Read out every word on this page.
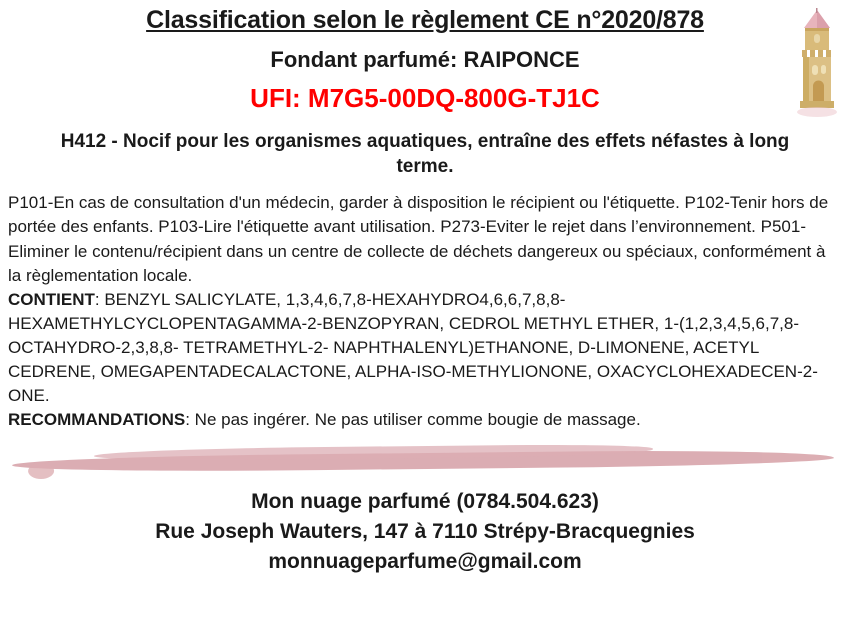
Classification selon le règlement CE n°2020/878
Fondant parfumé: RAIPONCE
UFI: M7G5-00DQ-800G-TJ1C
H412 - Nocif pour les organismes aquatiques, entraîne des effets néfastes à long terme.

P101-En cas de consultation d'un médecin, garder à disposition le récipient ou l'étiquette. P102-Tenir hors de portée des enfants. P103-Lire l'étiquette avant utilisation. P273-Eviter le rejet dans l’environnement. P501-Eliminer le contenu/récipient dans un centre de collecte de déchets dangereux ou spéciaux, conformément à la règlementation locale.

CONTIENT: BENZYL SALICYLATE, 1,3,4,6,7,8-HEXAHYDRO4,6,6,7,8,8-HEXAMETHYLCYCLOPENTAGAMMA-2-BENZOPYRAN, CEDROL METHYL ETHER, 1-(1,2,3,4,5,6,7,8- OCTAHYDRO-2,3,8,8- TETRAMETHYL-2- NAPHTHALENYL)ETHANONE, D-LIMONENE, ACETYL CEDRENE, OMEGAPENTADECALACTONE, ALPHA-ISO-METHYLIONONE, OXACYCLOHEXADECEN-2- ONE.

RECOMMANDATIONS: Ne pas ingérer. Ne pas utiliser comme bougie de massage.

Mon nuage parfumé (0784.504.623)
Rue Joseph Wauters, 147 à 7110 Strépy-Bracquegnies
monnuageparfume@gmail.com
